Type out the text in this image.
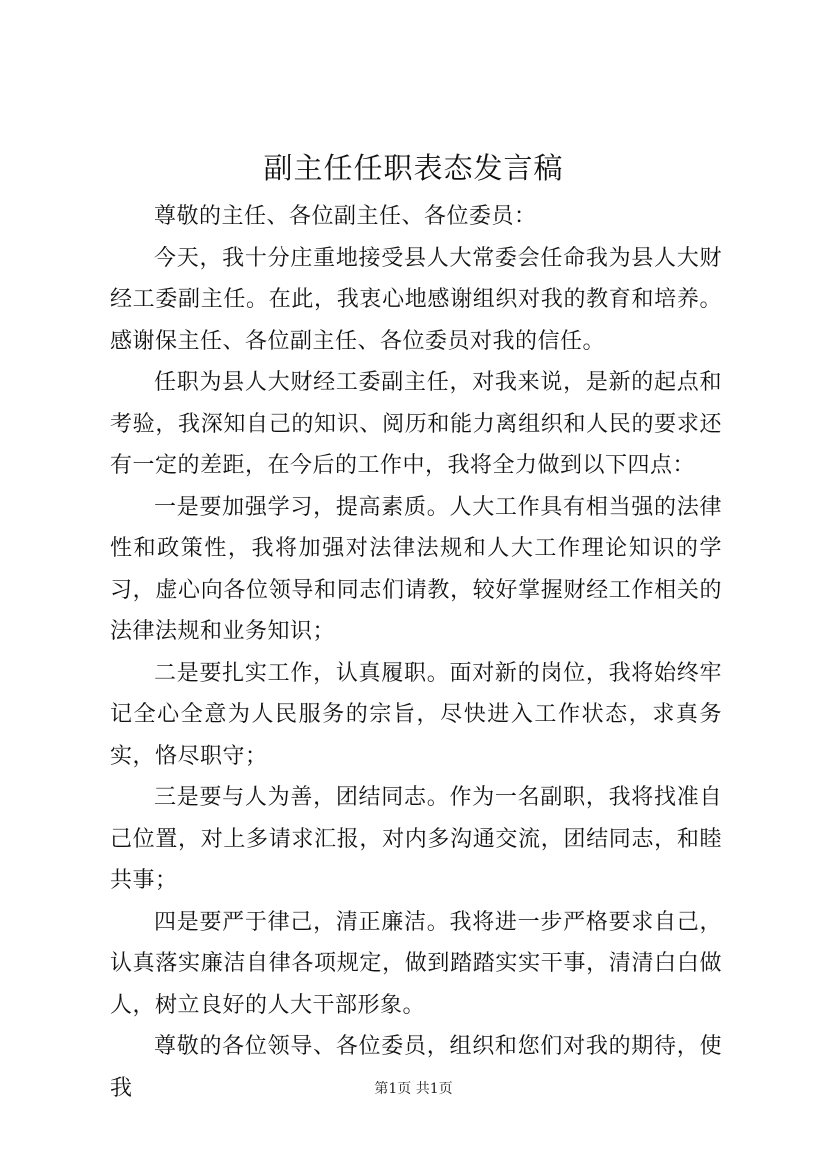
副主任任职表态发言稿

尊敬的主任、各位副主任、各位委员：

今天，我十分庄重地接受县人大常委会任命我为县人大财经工委副主任。在此，我衷心地感谢组织对我的教育和培养。感谢保主任、各位副主任、各位委员对我的信任。

任职为县人大财经工委副主任，对我来说，是新的起点和考验，我深知自己的知识、阅历和能力离组织和人民的要求还有一定的差距，在今后的工作中，我将全力做到以下四点：

一是要加强学习，提高素质。人大工作具有相当强的法律性和政策性，我将加强对法律法规和人大工作理论知识的学习，虚心向各位领导和同志们请教，较好掌握财经工作相关的法律法规和业务知识；

二是要扎实工作，认真履职。面对新的岗位，我将始终牢记全心全意为人民服务的宗旨，尽快进入工作状态，求真务实，恪尽职守；

三是要与人为善，团结同志。作为一名副职，我将找准自己位置，对上多请求汇报，对内多沟通交流，团结同志，和睦共事；

四是要严于律己，清正廉洁。我将进一步严格要求自己，认真落实廉洁自律各项规定，做到踏踏实实干事，清清白白做人，树立良好的人大干部形象。

尊敬的各位领导、各位委员，组织和您们对我的期待，使我	第1页 共1页
